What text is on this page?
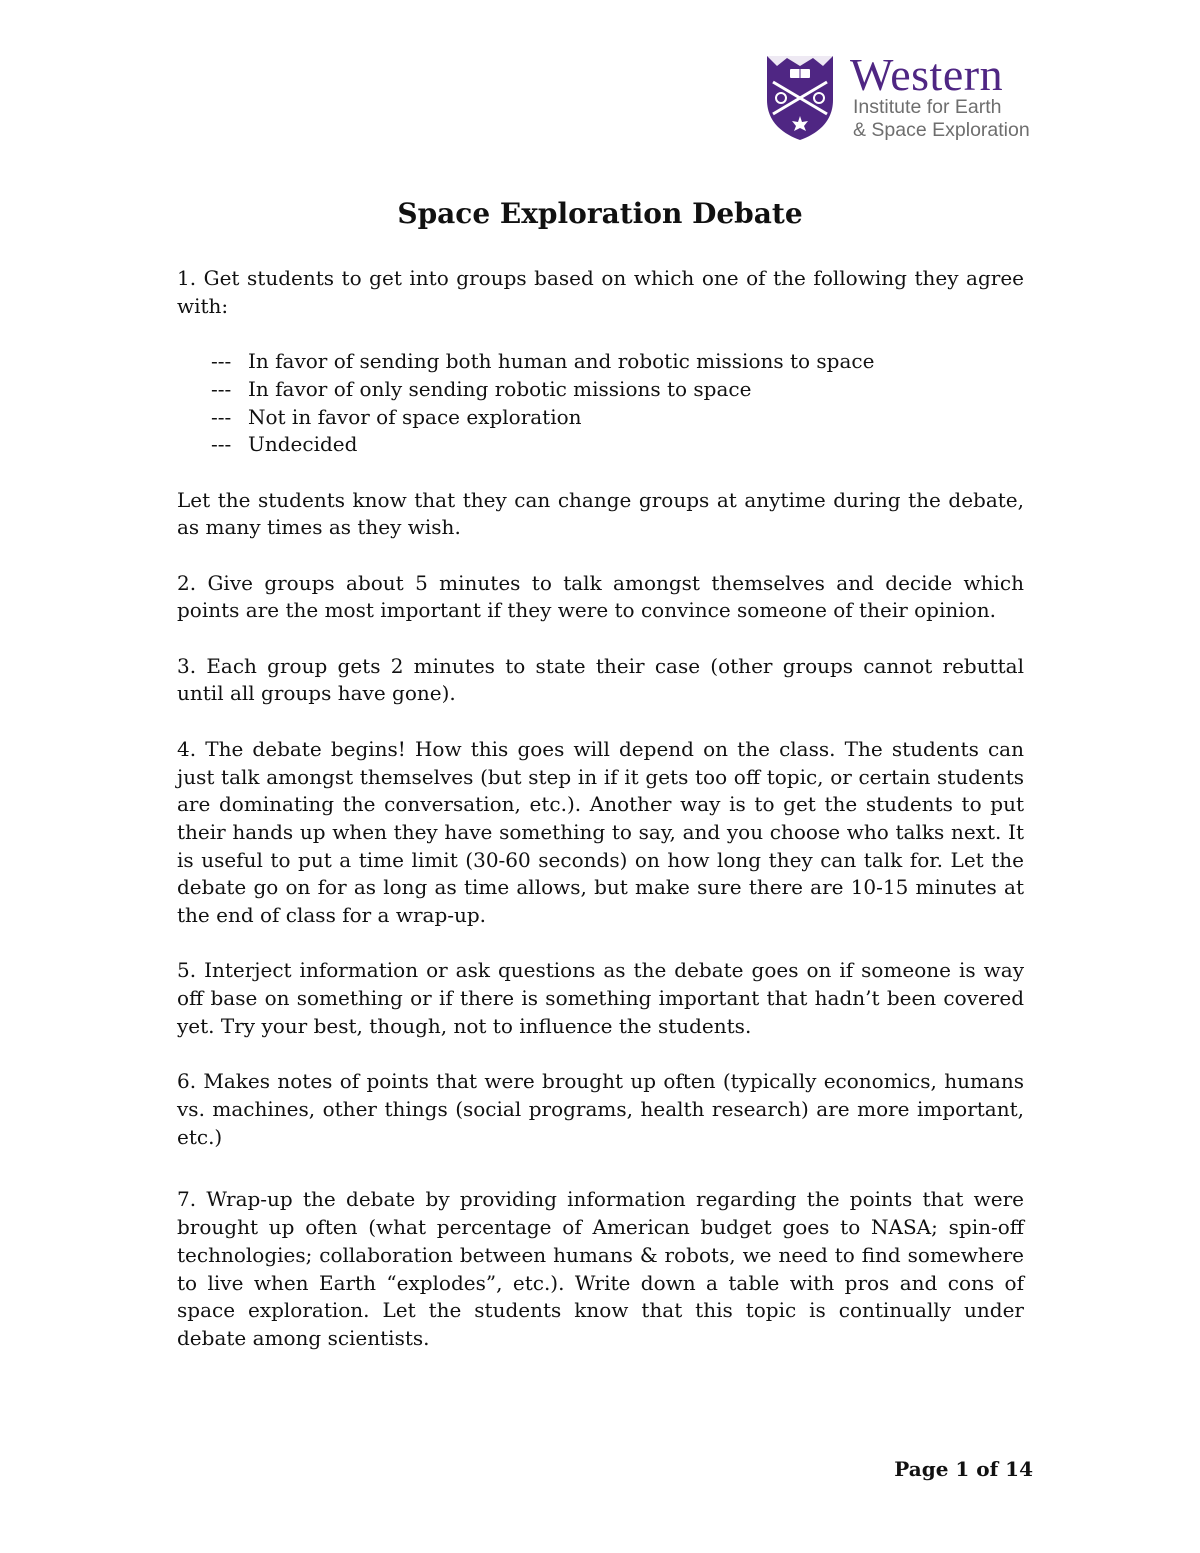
Western
Institute for Earth
& Space Exploration
Space Exploration Debate

1. Get students to get into groups based on which one of the following they agree with:

--- In favor of sending both human and robotic missions to space
--- In favor of only sending robotic missions to space
--- Not in favor of space exploration
--- Undecided

Let the students know that they can change groups at anytime during the debate, as many times as they wish.

2. Give groups about 5 minutes to talk amongst themselves and decide which points are the most important if they were to convince someone of their opinion.

3. Each group gets 2 minutes to state their case (other groups cannot rebuttal until all groups have gone).

4. The debate begins! How this goes will depend on the class. The students can just talk amongst themselves (but step in if it gets too off topic, or certain students are dominating the conversation, etc.). Another way is to get the students to put their hands up when they have something to say, and you choose who talks next. It is useful to put a time limit (30-60 seconds) on how long they can talk for. Let the debate go on for as long as time allows, but make sure there are 10-15 minutes at the end of class for a wrap-up.

5. Interject information or ask questions as the debate goes on if someone is way off base on something or if there is something important that hadn’t been covered yet. Try your best, though, not to influence the students.

6. Makes notes of points that were brought up often (typically economics, humans vs. machines, other things (social programs, health research) are more important, etc.)

7. Wrap-up the debate by providing information regarding the points that were brought up often (what percentage of American budget goes to NASA; spin-off technologies; collaboration between humans & robots, we need to find somewhere to live when Earth “explodes”, etc.). Write down a table with pros and cons of space exploration. Let the students know that this topic is continually under debate among scientists.

Page 1 of 14
